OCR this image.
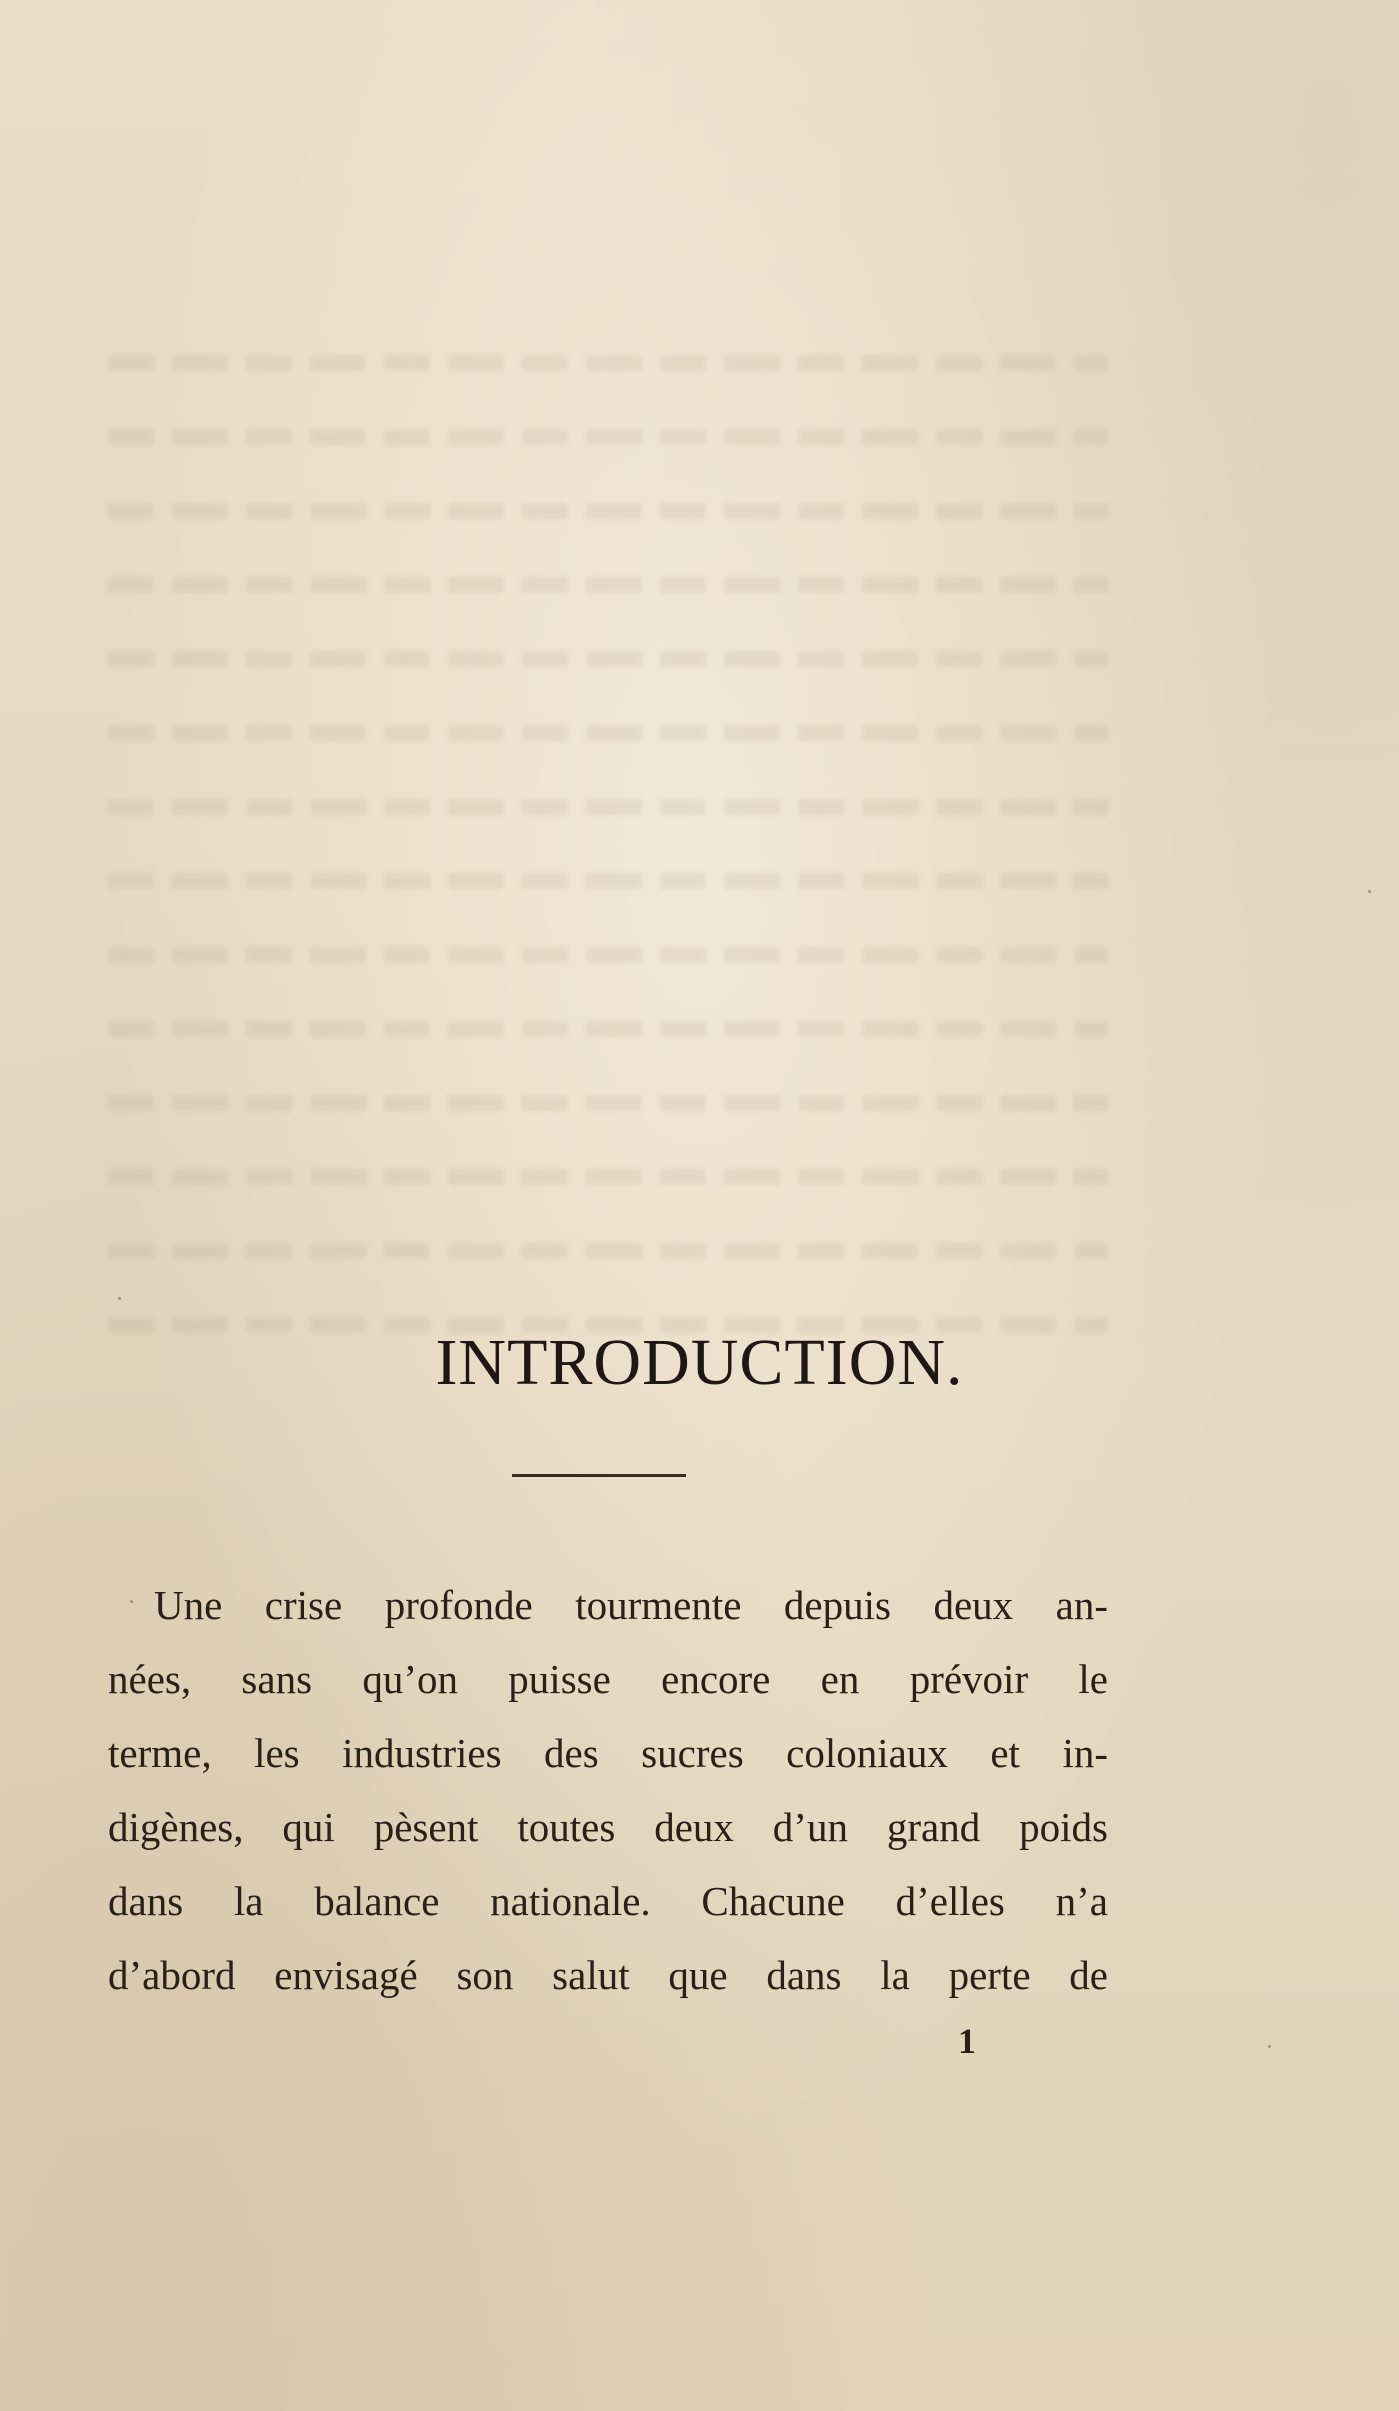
INTRODUCTION.
Une crise profonde tourmente depuis deux an-
nées, sans qu’on puisse encore en prévoir le
terme, les industries des sucres coloniaux et in-
digènes, qui pèsent toutes deux d’un grand poids
dans la balance nationale. Chacune d’elles n’a
d’abord envisagé son salut que dans la perte de
1
